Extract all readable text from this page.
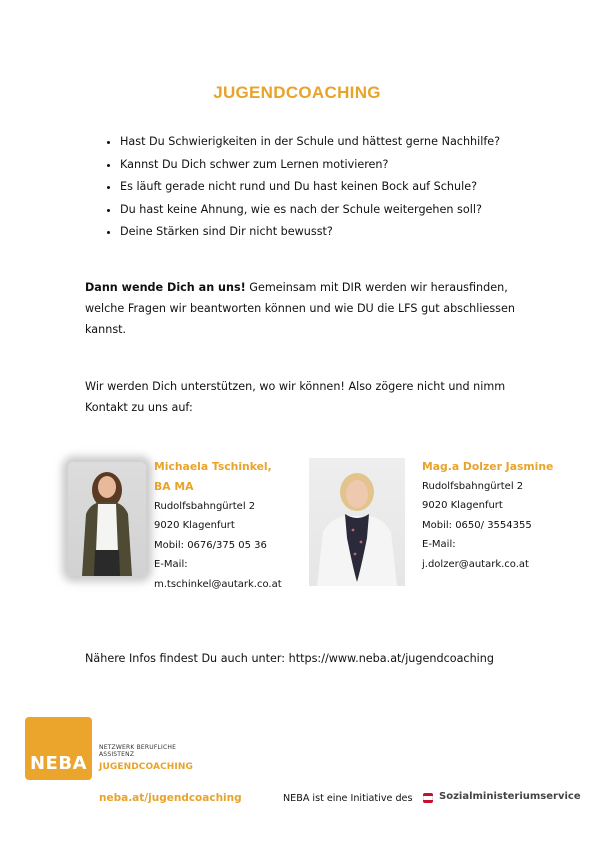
JUGENDCOACHING
• Hast Du Schwierigkeiten in der Schule und hättest gerne Nachhilfe?
• Kannst Du Dich schwer zum Lernen motivieren?
• Es läuft gerade nicht rund und Du hast keinen Bock auf Schule?
• Du hast keine Ahnung, wie es nach der Schule weitergehen soll?
• Deine Stärken sind Dir nicht bewusst?
Dann wende Dich an uns! Gemeinsam mit DIR werden wir herausfinden, welche Fragen wir beantworten können und wie DU die LFS gut abschliessen kannst.
Wir werden Dich unterstützen, wo wir können! Also zögere nicht und nimm Kontakt zu uns auf:
Michaela Tschinkel,
BA MA
Rudolfsbahngürtel 2
9020 Klagenfurt
Mobil: 0676/375 05 36
E-Mail:
m.tschinkel@autark.co.at
Mag.a Dolzer Jasmine
Rudolfsbahngürtel 2
9020 Klagenfurt
Mobil: 0650/ 3554355
E-Mail:
j.dolzer@autark.co.at
Nähere Infos findest Du auch unter: https://www.neba.at/jugendcoaching
NEBA
NETZWERK BERUFLICHE
ASSISTENZ
JUGENDCOACHING
neba.at/jugendcoaching	NEBA ist eine Initiative des	Sozialministeriumservice
